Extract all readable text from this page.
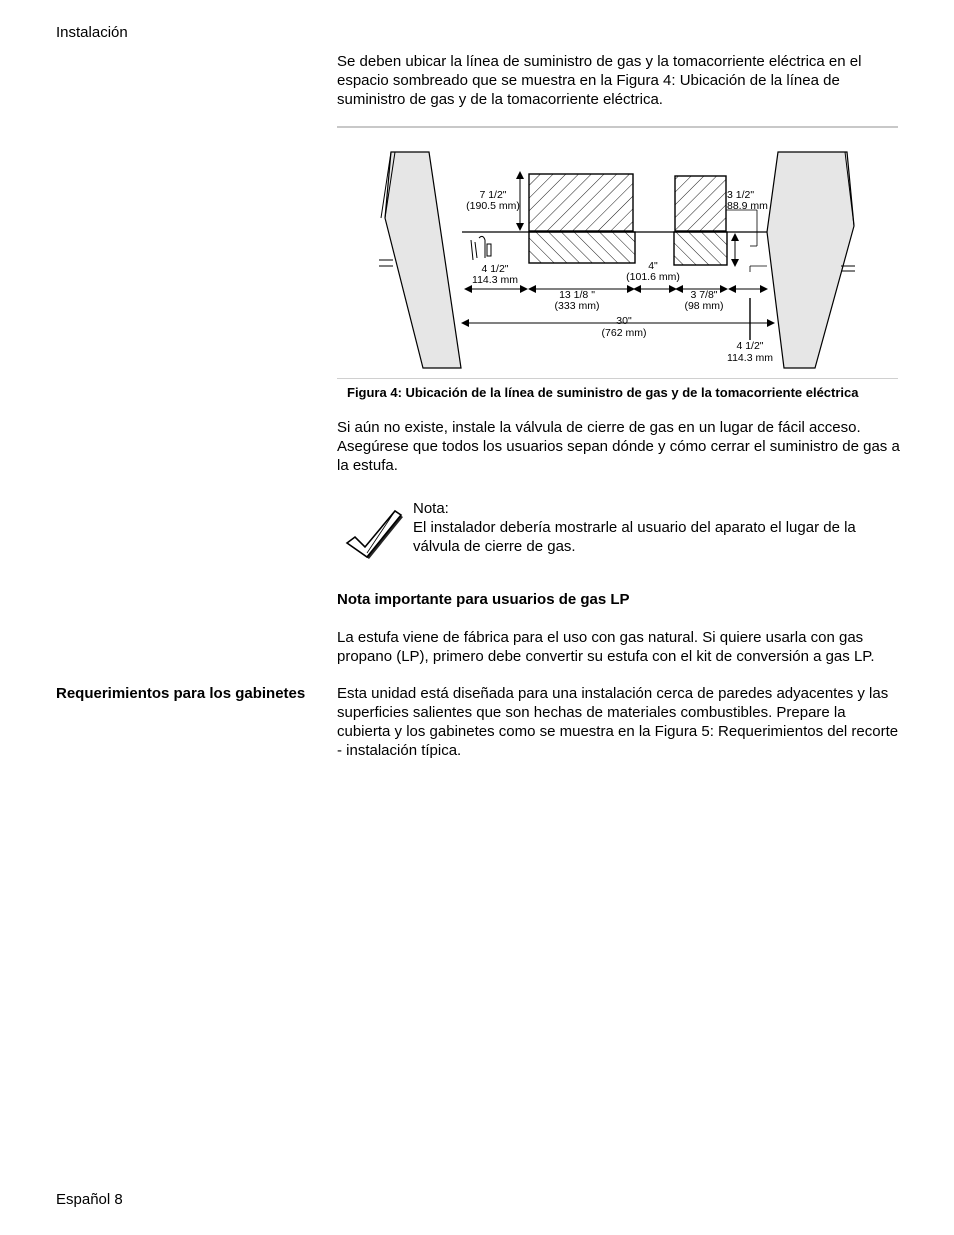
Instalación

Se deben ubicar la línea de suministro de gas y la tomacorriente eléctrica en el espacio sombreado que se muestra en la Figura 4: Ubicación de la línea de suministro de gas y de la tomacorriente eléctrica.

7 1/2"
(190.5 mm)
3 1/2"
88.9 mm
4 1/2"
114.3 mm
4"
(101.6 mm)
13 1/8 "
(333 mm)
3 7/8"
(98 mm)
30"
(762 mm)
4 1/2"
114.3 mm
Figura 4: Ubicación de la línea de suministro de gas y de la tomacorriente eléctrica

Si aún no existe, instale la válvula de cierre de gas en un lugar de fácil acceso. Asegúrese que todos los usuarios sepan dónde y cómo cerrar el suministro de gas a la estufa.

Nota:
El instalador debería mostrarle al usuario del aparato el lugar de la válvula de cierre de gas.
Nota importante para usuarios de gas LP

La estufa viene de fábrica para el uso con gas natural. Si quiere usarla con gas propano (LP), primero debe convertir su estufa con el kit de conversión a gas LP.

Requerimientos para los gabinetes Esta unidad está diseñada para una instalación cerca de paredes adyacentes y las superficies salientes que son hechas de materiales combustibles. Prepare la cubierta y los gabinetes como se muestra en la Figura 5: Requerimientos del recorte - instalación típica.

Español 8
